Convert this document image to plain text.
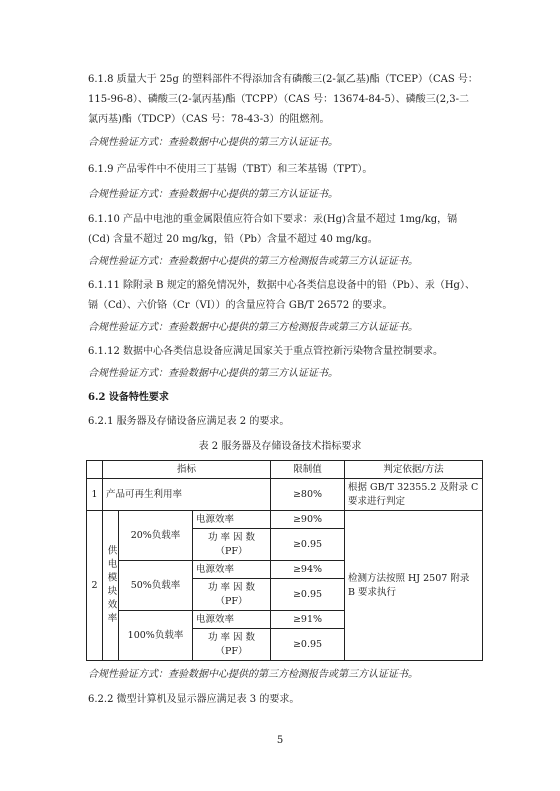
6.1.8 质量大于 25g 的塑料部件不得添加含有磷酸三(2-氯乙基)酯（TCEP）（CAS 号：115-96-8）、磷酸三(2-氯丙基)酯（TCPP）（CAS 号：13674-84-5）、磷酸三(2,3-二氯丙基)酯（TDCP）（CAS 号：78-43-3）的阻燃剂。

合规性验证方式：查验数据中心提供的第三方认证证书。

6.1.9 产品零件中不使用三丁基锡（TBT）和三苯基锡（TPT）。

合规性验证方式：查验数据中心提供的第三方认证证书。

6.1.10 产品中电池的重金属限值应符合如下要求：汞(Hg)含量不超过 1mg/kg，镉(Cd) 含量不超过 20 mg/kg，铅（Pb）含量不超过 40 mg/kg。

合规性验证方式：查验数据中心提供的第三方检测报告或第三方认证证书。

6.1.11 除附录 B 规定的豁免情况外，数据中心各类信息设备中的铅（Pb）、汞（Hg）、镉（Cd）、六价铬（Cr（VI））的含量应符合 GB/T 26572 的要求。

合规性验证方式：查验数据中心提供的第三方检测报告或第三方认证证书。

6.1.12 数据中心各类信息设备应满足国家关于重点管控新污染物含量控制要求。

合规性验证方式：查验数据中心提供的第三方认证证书。

6.2 设备特性要求

6.2.1 服务器及存储设备应满足表 2 的要求。

表 2 服务器及存储设备技术指标要求
	指标			限制值	判定依据/方法
1	产品可再生利用率			≥80%	根据 GB/T 32355.2 及附录 C 要求进行判定
2	供电模块效率	20%负载率	电源效率	≥90%	检测方法按照 HJ 2507 附录 B 要求执行
			功 率 因 数（PF）	≥0.95	
		50%负载率	电源效率	≥94%	
			功 率 因 数（PF）	≥0.95	
		100%负载率	电源效率	≥91%	
			功 率 因 数（PF）	≥0.95	

合规性验证方式：查验数据中心提供的第三方检测报告或第三方认证证书。

6.2.2 微型计算机及显示器应满足表 3 的要求。

5
